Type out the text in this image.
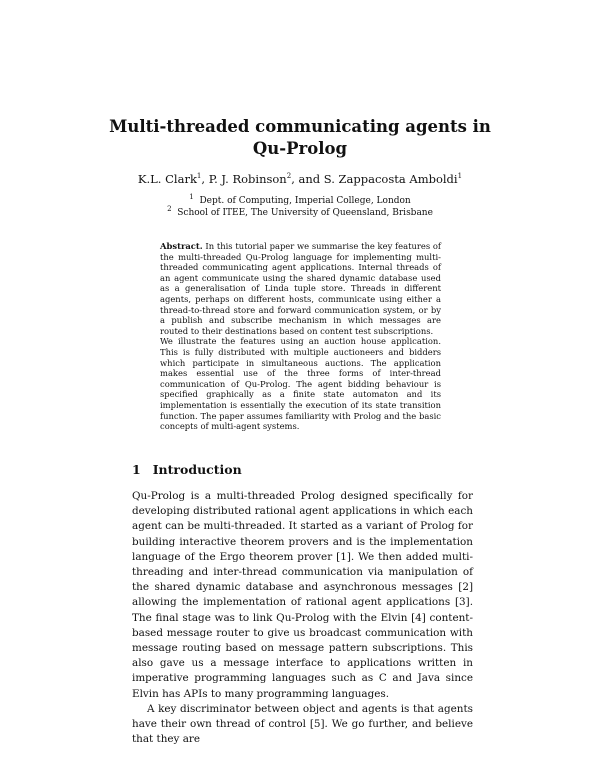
Multi-threaded communicating agents in
Qu-Prolog
K.L. Clark$^1$, P. J. Robinson$^2$, and S. Zappacosta Amboldi$^1$
$^1$ Dept. of Computing, Imperial College, London
$^2$ School of ITEE, The University of Queensland, Brisbane

Abstract. In this tutorial paper we summarise the key features of the multi-threaded Qu-Prolog language for implementing multi-threaded communicating agent applications. Internal threads of an agent communicate using the shared dynamic database used as a generalisation of Linda tuple store. Threads in different agents, perhaps on different hosts, communicate using either a thread-to-thread store and forward communication system, or by a publish and subscribe mechanism in which messages are routed to their destinations based on content test subscriptions.

We illustrate the features using an auction house application. This is fully distributed with multiple auctioneers and bidders which participate in simultaneous auctions. The application makes essential use of the three forms of inter-thread communication of Qu-Prolog. The agent bidding behaviour is specified graphically as a finite state automaton and its implementation is essentially the execution of its state transition function. The paper assumes familiarity with Prolog and the basic concepts of multi-agent systems.

1 Introduction

Qu-Prolog is a multi-threaded Prolog designed specifically for developing distributed rational agent applications in which each agent can be multi-threaded. It started as a variant of Prolog for building interactive theorem provers and is the implementation language of the Ergo theorem prover [1]. We then added multi-threading and inter-thread communication via manipulation of the shared dynamic database and asynchronous messages [2] allowing the implementation of rational agent applications [3]. The final stage was to link Qu-Prolog with the Elvin [4] content-based message router to give us broadcast communication with message routing based on message pattern subscriptions. This also gave us a message interface to applications written in imperative programming languages such as C and Java since Elvin has APIs to many programming languages.

A key discriminator between object and agents is that agents have their own thread of control [5]. We go further, and believe that they are
